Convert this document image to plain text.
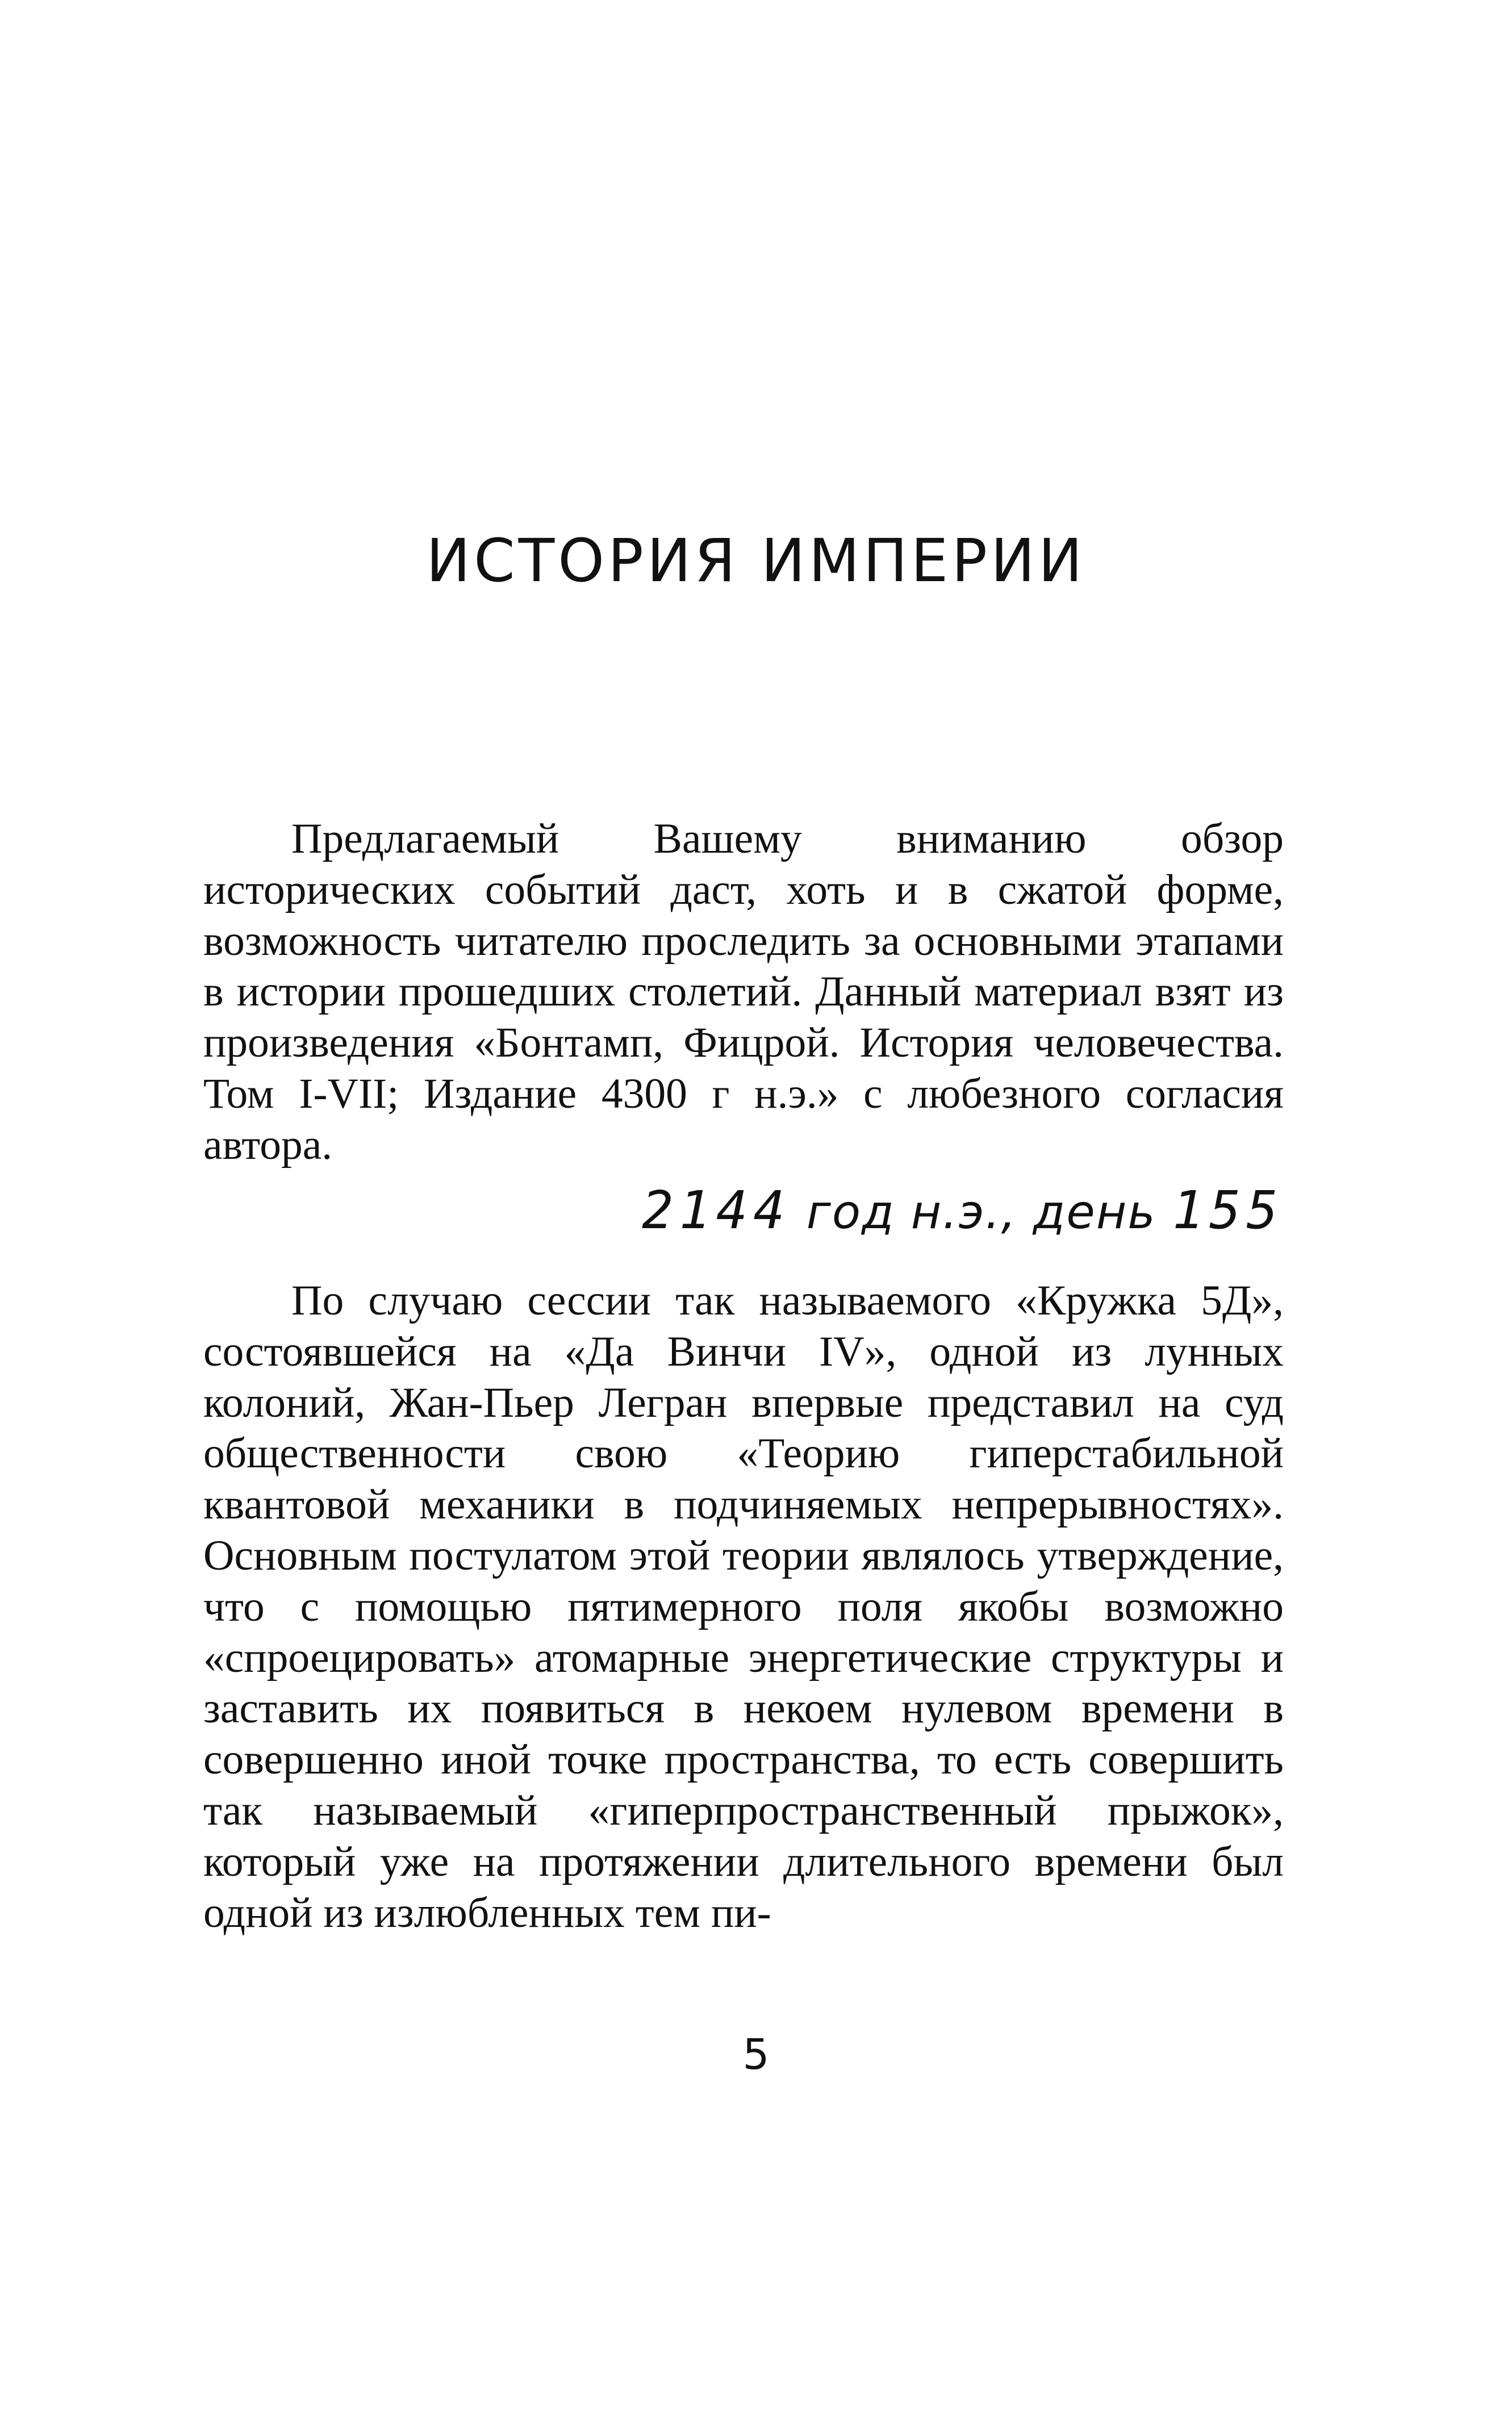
ИСТОРИЯ ИМПЕРИИ

Предлагаемый Вашему вниманию обзор исторических событий даст, хоть и в сжатой форме, возможность читателю проследить за основными этапами в истории прошедших столетий. Данный материал взят из произведения «Бонтамп, Фицрой. История человечества. Том I-VII; Издание 4300 г н.э.» с любезного согласия автора.

2144 год н.э., день 155

По случаю сессии так называемого «Кружка 5Д», состоявшейся на «Да Винчи IV», одной из лунных колоний, Жан-Пьер Легран впервые представил на суд общественности свою «Теорию гиперстабильной квантовой механики в подчиняемых непрерывностях». Основным постулатом этой теории являлось утверждение, что с помощью пятимерного поля якобы возможно «спроецировать» атомарные энергетические структуры и заставить их появиться в некоем нулевом времени в совершенно иной точке пространства, то есть совершить так называемый «гиперпространственный прыжок», который уже на протяжении длительного времени был одной из излюбленных тем пи-

5
